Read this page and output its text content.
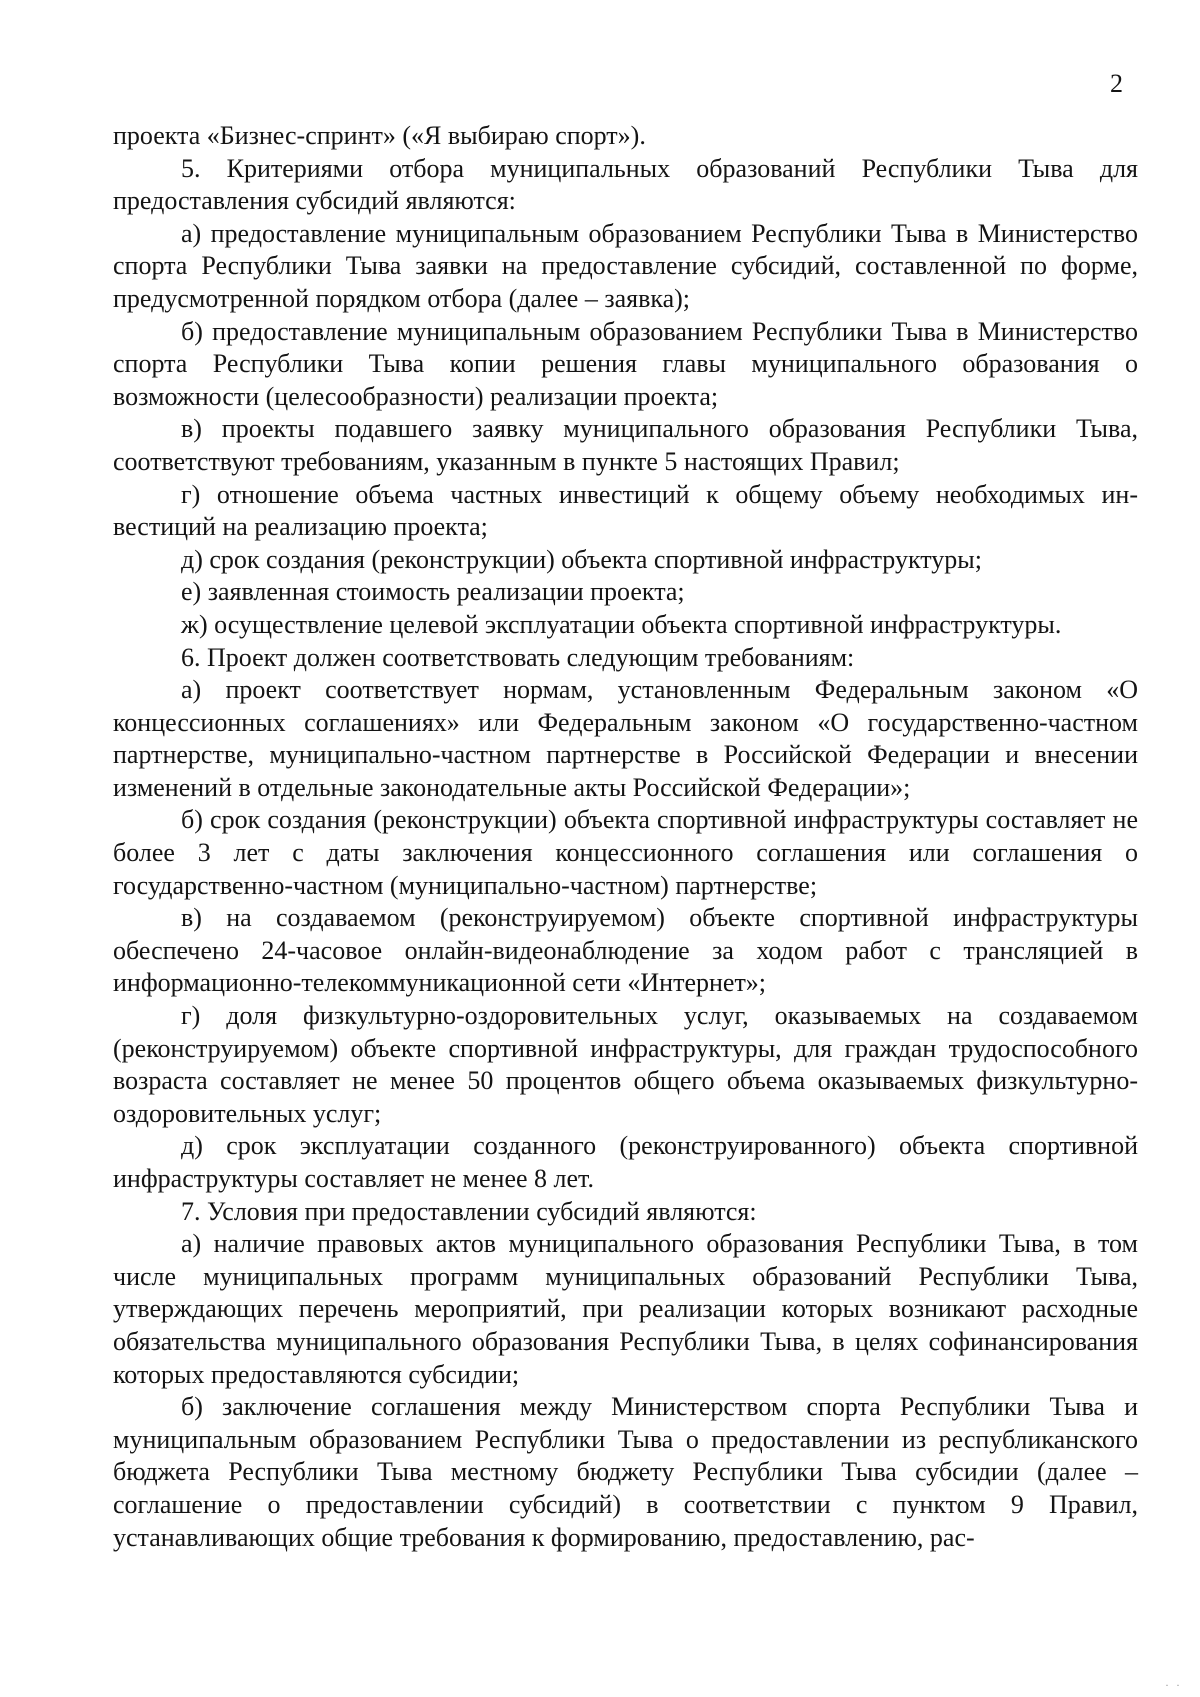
2

проекта «Бизнес-спринт» («Я выбираю спорт»).

5. Критериями отбора муниципальных образований Республики Тыва для предоставления субсидий являются:

а) предоставление муниципальным образованием Республики Тыва в Министерство спорта Республики Тыва заявки на предоставление субсидий, составленной по форме, предусмотренной порядком отбора (далее – заявка);

б) предоставление муниципальным образованием Республики Тыва в Министерство спорта Республики Тыва копии решения главы муниципального образования о возможности (целесообразности) реализации проекта;

в) проекты подавшего заявку муниципального образования Республики Тыва, соответствуют требованиям, указанным в пункте 5 настоящих Правил;

г) отношение объема частных инвестиций к общему объему необходимых инвестиций на реализацию проекта;

д) срок создания (реконструкции) объекта спортивной инфраструктуры;

е) заявленная стоимость реализации проекта;

ж) осуществление целевой эксплуатации объекта спортивной инфраструктуры.

6. Проект должен соответствовать следующим требованиям:

а) проект соответствует нормам, установленным Федеральным законом «О концессионных соглашениях» или Федеральным законом «О государственно-частном партнерстве, муниципально-частном партнерстве в Российской Федерации и внесении изменений в отдельные законодательные акты Российской Федерации»;

б) срок создания (реконструкции) объекта спортивной инфраструктуры составляет не более 3 лет с даты заключения концессионного соглашения или соглашения о государственно-частном (муниципально-частном) партнерстве;

в) на создаваемом (реконструируемом) объекте спортивной инфраструктуры обеспечено 24-часовое онлайн-видеонаблюдение за ходом работ с трансляцией в информационно-телекоммуникационной сети «Интернет»;

г) доля физкультурно-оздоровительных услуг, оказываемых на создаваемом (реконструируемом) объекте спортивной инфраструктуры, для граждан трудоспособного возраста составляет не менее 50 процентов общего объема оказываемых физкультурно-оздоровительных услуг;

д) срок эксплуатации созданного (реконструированного) объекта спортивной инфраструктуры составляет не менее 8 лет.

7. Условия при предоставлении субсидий являются:

а) наличие правовых актов муниципального образования Республики Тыва, в том числе муниципальных программ муниципальных образований Республики Тыва, утверждающих перечень мероприятий, при реализации которых возникают расходные обязательства муниципального образования Республики Тыва, в целях софинансирования которых предоставляются субсидии;

б) заключение соглашения между Министерством спорта Республики Тыва и муниципальным образованием Республики Тыва о предоставлении из республиканского бюджета Республики Тыва местному бюджету Республики Тыва субсидии (далее – соглашение о предоставлении субсидий) в соответствии с пунктом 9 Правил, устанавливающих общие требования к формированию, предоставлению, рас-

· ·
